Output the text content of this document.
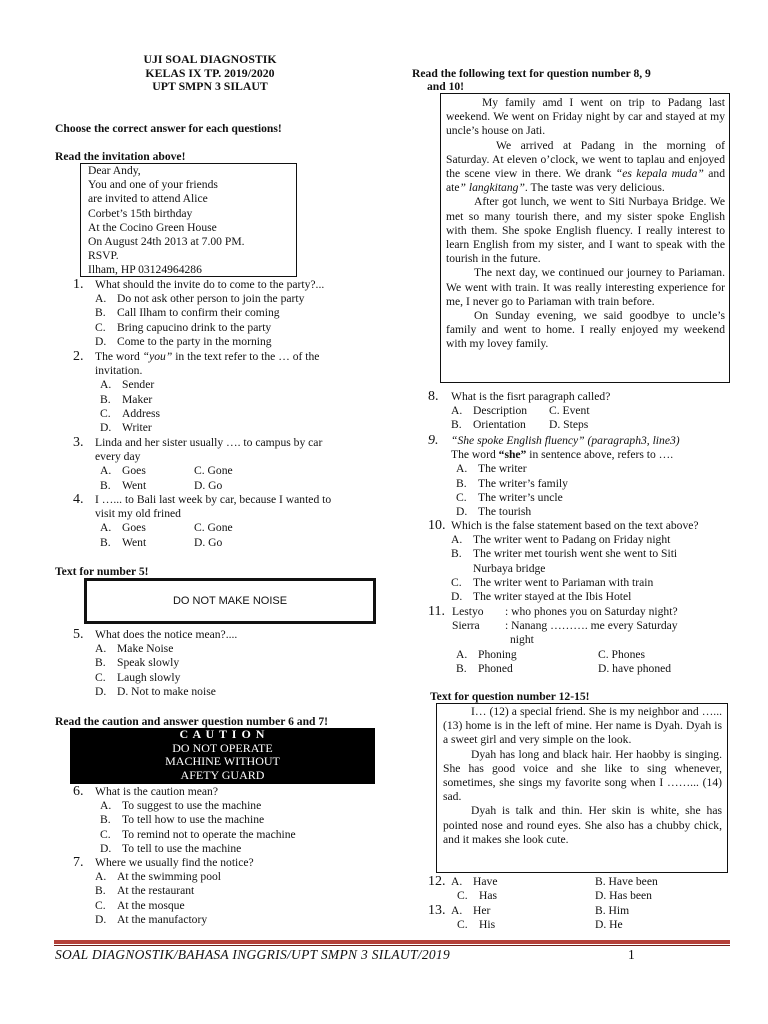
UJI SOAL DIAGNOSTIK
KELAS IX TP. 2019/2020
UPT SMPN 3 SILAUT
Choose the correct answer for each questions!
Read the invitation above!
Dear Andy,
You and one of your friends
are invited to attend Alice
Corbet’s 15th birthday
At the Cocino Green House
On August 24th 2013 at 7.00 PM.
RSVP.
Ilham, HP 03124964286
1. What should the invite do to come to the party?...
A. Do not ask other person to join the party
B. Call Ilham to confirm their coming
C. Bring capucino drink to the party
D. Come to the party in the morning
2. The word “you” in the text refer to the … of the
invitation.
A. Sender
B. Maker
C. Address
D. Writer
3. Linda and her sister usually …. to campus by car
every day
A. Goes	C. Gone
B. Went	D. Go
4. I …... to Bali last week by car, because I wanted to
visit my old frined
A. Goes	C. Gone
B. Went	D. Go
Text for number 5!
DO NOT MAKE NOISE
5. What does the notice mean?....
A. Make Noise
B. Speak slowly
C. Laugh slowly
D. D. Not to make noise
Read the caution and answer question number 6 and 7!
C A U T I O N
DO NOT OPERATE
MACHINE WITHOUT
AFETY GUARD
6. What is the caution mean?
A. To suggest to use the machine
B. To tell how to use the machine
C. To remind not to operate the machine
D. To tell to use the machine
7. Where we usually find the notice?
A. At the swimming pool
B. At the restaurant
C. At the mosque
D. At the manufactory
Read the following text for question number 8, 9
and 10!

My family amd I went on trip to Padang last weekend. We went on Friday night by car and stayed at my uncle’s house on Jati.

We arrived at Padang in the morning of Saturday. At eleven o’clock, we went to taplau and enjoyed the scene view in there. We drank “es kepala muda” and ate” langkitang”. The taste was very delicious.

After got lunch, we went to Siti Nurbaya Bridge. We met so many tourish there, and my sister spoke English with them. She spoke English fluency. I really interest to learn English from my sister, and I want to speak with the tourish in the future.

The next day, we continued our journey to Pariaman. We went with train. It was really interesting experience for me, I never go to Pariaman with train before.

On Sunday evening, we said goodbye to uncle’s family and went to home. I really enjoyed my weekend with my lovey family.

8. What is the fisrt paragraph called?
A. Description C. Event
B. Orientation D. Steps
9. “She spoke English fluency” (paragraph3, line3)
The word “she” in sentence above, refers to ….
A. The writer
B. The writer’s family
C. The writer’s uncle
D. The tourish
10. Which is the false statement based on the text above?
A. The writer went to Padang on Friday night
B. The writer met tourish went she went to Siti
Nurbaya bridge
C. The writer went to Pariaman with train
D. The writer stayed at the Ibis Hotel
11. Lestyo : who phones you on Saturday night?
Sierra : Nanang ………. me every Saturday
night
A. Phoning	C. Phones
B. Phoned	D. have phoned
Text for question number 12-15!

I… (12) a special friend. She is my neighbor and …... (13) home is in the left of mine. Her name is Dyah. Dyah is a sweet girl and very simple on the look.

Dyah has long and black hair. Her haobby is singing. She has good voice and she like to sing whenever, sometimes, she sings my favorite song when I ……... (14) sad.

Dyah is talk and thin. Her skin is white, she has pointed nose and round eyes. She also has a chubby chick, and it makes she look cute.

12. A. Have	B. Have been
C. Has	D. Has been
13. A. Her	B. Him
C. His	D. He
SOAL DIAGNOSTIK/BAHASA INGGRIS/UPT SMPN 3 SILAUT/2019	1
